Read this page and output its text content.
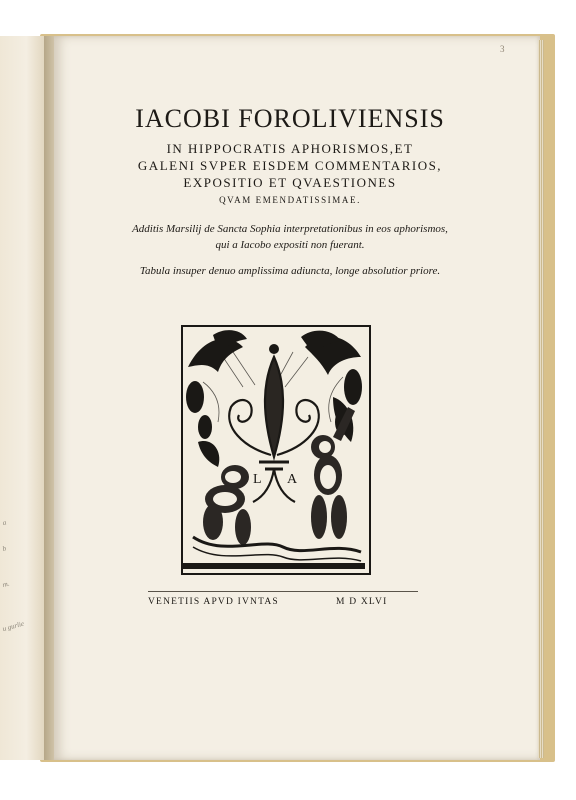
a
b
m.
u gurlie
3
IACOBI FOROLIVIENSIS
IN HIPPOCRATIS APHORISMOS,ET
GALENI SVPER EISDEM COMMENTARIOS,
EXPOSITIO ET QVAESTIONES
QVAM EMENDATISSIMAE.
Additis Marsilij de Sancta Sophia interpretationibus in eos aphorismos,
qui a Iacobo expositi non fuerant.
Tabula insuper denuo amplissima adiuncta, longe absolutior priore.
L A
VENETIIS APVD IVNTAS	M D XLVI
